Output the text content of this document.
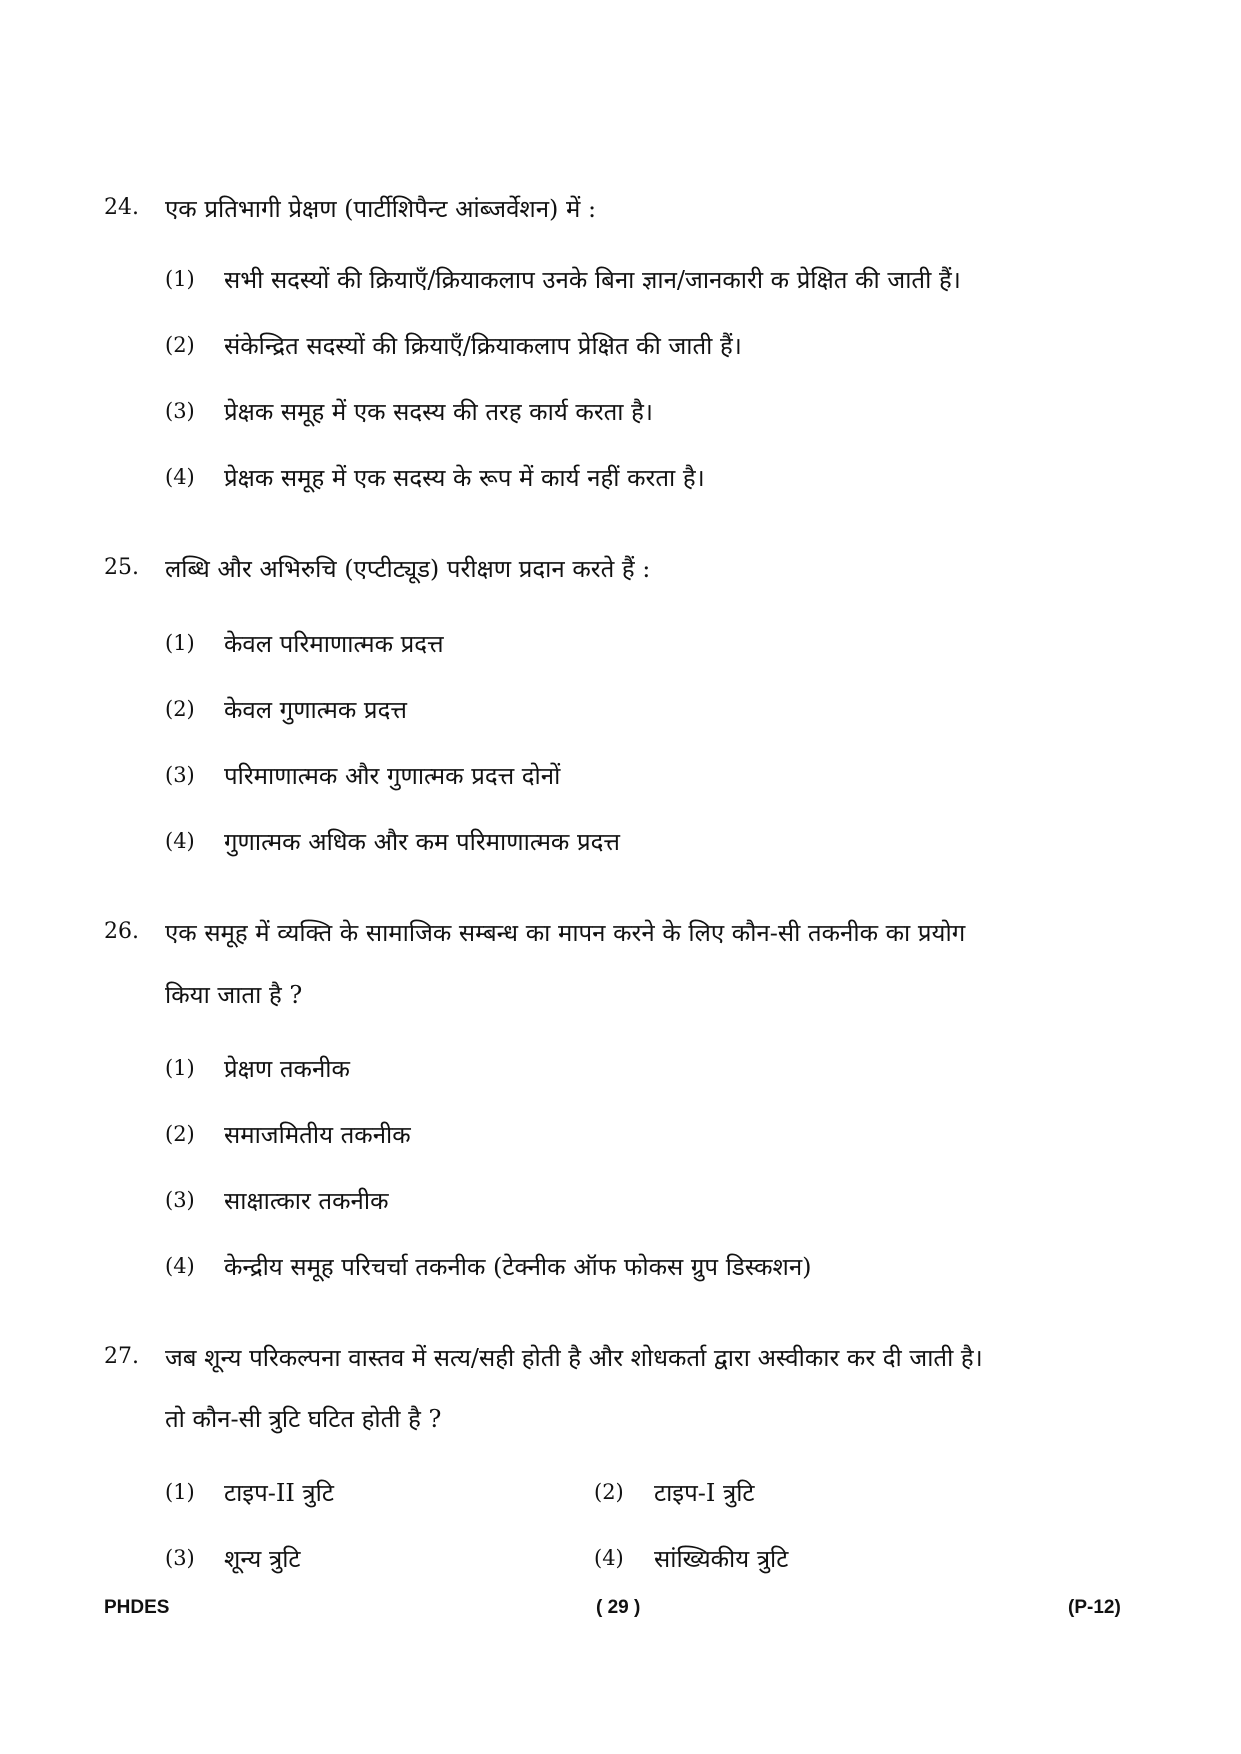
24. एक प्रतिभागी प्रेक्षण (पार्टीशिपैन्ट आंब्जर्वेशन) में :
(1) सभी सदस्यों की क्रियाएँ/क्रियाकलाप उनके बिना ज्ञान/जानकारी क प्रेक्षित की जाती हैं।
(2) संकेन्द्रित सदस्यों की क्रियाएँ/क्रियाकलाप प्रेक्षित की जाती हैं।
(3) प्रेक्षक समूह में एक सदस्य की तरह कार्य करता है।
(4) प्रेक्षक समूह में एक सदस्य के रूप में कार्य नहीं करता है।
25. लब्धि और अभिरुचि (एप्टीट्यूड) परीक्षण प्रदान करते हैं :
(1) केवल परिमाणात्मक प्रदत्त
(2) केवल गुणात्मक प्रदत्त
(3) परिमाणात्मक और गुणात्मक प्रदत्त दोनों
(4) गुणात्मक अधिक और कम परिमाणात्मक प्रदत्त
26. एक समूह में व्यक्ति के सामाजिक सम्बन्ध का मापन करने के लिए कौन-सी तकनीक का प्रयोग
किया जाता है ?
(1) प्रेक्षण तकनीक
(2) समाजमितीय तकनीक
(3) साक्षात्कार तकनीक
(4) केन्द्रीय समूह परिचर्चा तकनीक (टेक्नीक ऑफ फोकस ग्रुप डिस्कशन)
27. जब शून्य परिकल्पना वास्तव में सत्य/सही होती है और शोधकर्ता द्वारा अस्वीकार कर दी जाती है।
तो कौन-सी त्रुटि घटित होती है ?
(1) टाइप-II त्रुटि	(2) टाइप-I त्रुटि
(3) शून्य त्रुटि	(4) सांख्यिकीय त्रुटि
PHDES	( 29 )	(P-12)
